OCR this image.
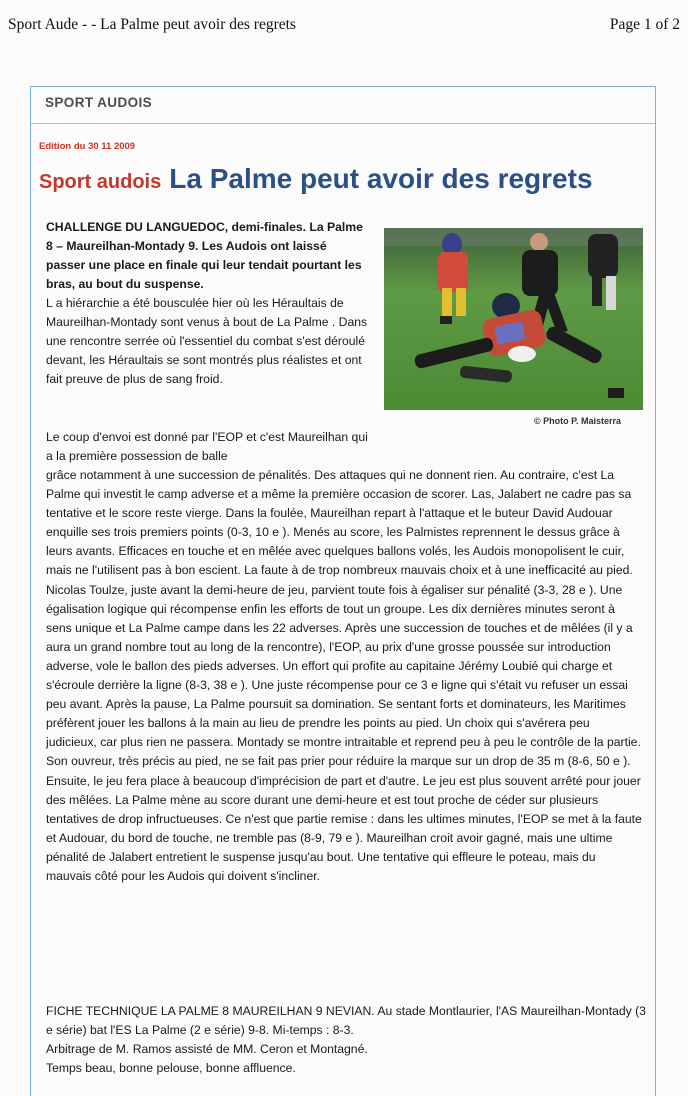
Sport Aude - - La Palme peut avoir des regrets	Page 1 of 2
SPORT AUDOIS
Edition du 30 11 2009
Sport audois La Palme peut avoir des regrets
CHALLENGE DU LANGUEDOC, demi-finales. La Palme 8 – Maureilhan-Montady 9. Les Audois ont laissé passer une place en finale qui leur tendait pourtant les bras, au bout du suspense.
L a hiérarchie a été bousculée hier où les Héraultais de Maureilhan-Montady sont venus à bout de La Palme . Dans une rencontre serrée où l'essentiel du combat s'est déroulé devant, les Héraultais se sont montrés plus réalistes et ont fait preuve de plus de sang froid.
© Photo P. Maisterra
Le coup d'envoi est donné par l'EOP et c'est Maureilhan qui a la première possession de balle
grâce notamment à une succession de pénalités. Des attaques qui ne donnent rien. Au contraire, c'est La Palme qui investit le camp adverse et a même la première occasion de scorer. Las, Jalabert ne cadre pas sa tentative et le score reste vierge. Dans la foulée, Maureilhan repart à l'attaque et le buteur David Audouar enquille ses trois premiers points (0-3, 10 e ). Menés au score, les Palmistes reprennent le dessus grâce à leurs avants. Efficaces en touche et en mêlée avec quelques ballons volés, les Audois monopolisent le cuir, mais ne l'utilisent pas à bon escient. La faute à de trop nombreux mauvais choix et à une inefficacité au pied. Nicolas Toulze, juste avant la demi-heure de jeu, parvient toute fois à égaliser sur pénalité (3-3, 28 e ). Une égalisation logique qui récompense enfin les efforts de tout un groupe. Les dix dernières minutes seront à sens unique et La Palme campe dans les 22 adverses. Après une succession de touches et de mêlées (il y a aura un grand nombre tout au long de la rencontre), l'EOP, au prix d'une grosse poussée sur introduction adverse, vole le ballon des pieds adverses. Un effort qui profite au capitaine Jérémy Loubié qui charge et s'écroule derrière la ligne (8-3, 38 e ). Une juste récompense pour ce 3 e ligne qui s'était vu refuser un essai peu avant. Après la pause, La Palme poursuit sa domination. Se sentant forts et dominateurs, les Maritimes préfèrent jouer les ballons à la main au lieu de prendre les points au pied. Un choix qui s'avérera peu judicieux, car plus rien ne passera. Montady se montre intraitable et reprend peu à peu le contrôle de la partie. Son ouvreur, très précis au pied, ne se fait pas prier pour réduire la marque sur un drop de 35 m (8-6, 50 e ). Ensuite, le jeu fera place à beaucoup d'imprécision de part et d'autre. Le jeu est plus souvent arrêté pour jouer des mêlées. La Palme mène au score durant une demi-heure et est tout proche de céder sur plusieurs tentatives de drop infructueuses. Ce n'est que partie remise : dans les ultimes minutes, l'EOP se met à la faute et Audouar, du bord de touche, ne tremble pas (8-9, 79 e ). Maureilhan croit avoir gagné, mais une ultime pénalité de Jalabert entretient le suspense jusqu'au bout. Une tentative qui effleure le poteau, mais du mauvais côté pour les Audois qui doivent s'incliner.

FICHE TECHNIQUE LA PALME 8 MAUREILHAN 9 NEVIAN. Au stade Montlaurier, l'AS Maureilhan-Montady (3 e série) bat l'ES La Palme (2 e série) 9-8. Mi-temps : 8-3.

Arbitrage de M. Ramos assisté de MM. Ceron et Montagné.

Temps beau, bonne pelouse, bonne affluence.
